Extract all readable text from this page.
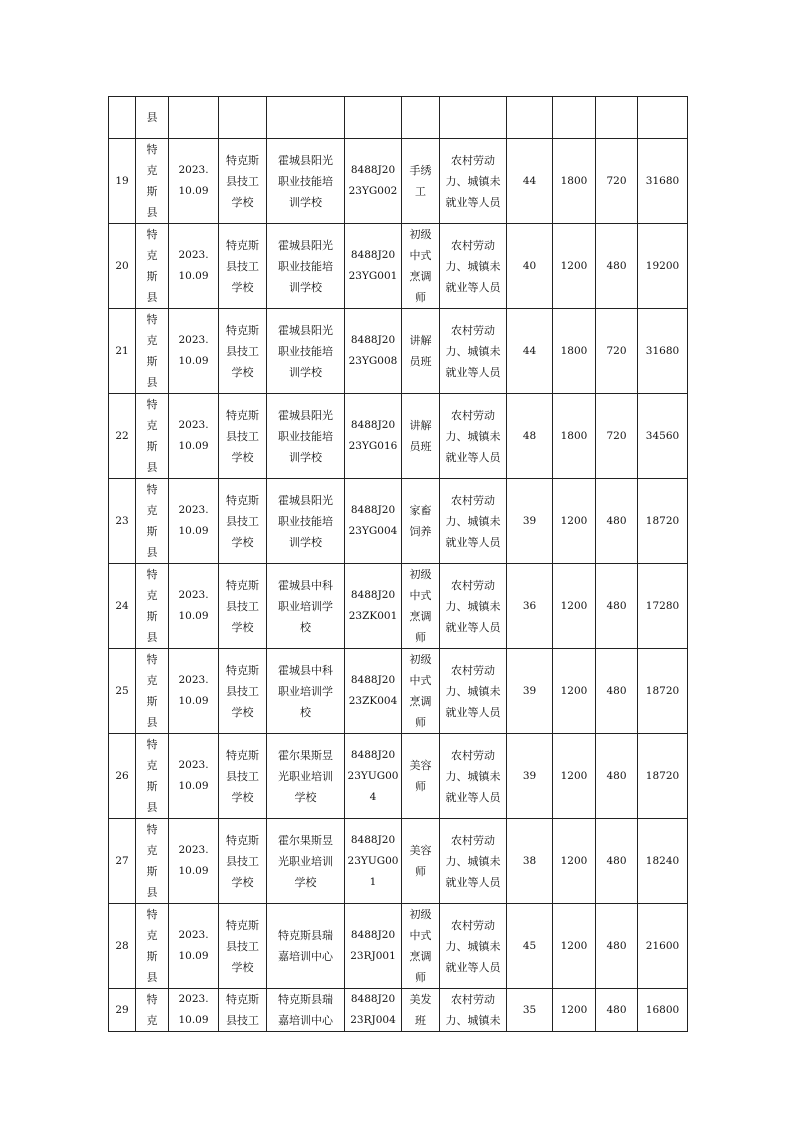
	县										

19	特
克
斯
县	2023.
10.09	特克斯
县技工
学校	霍城县阳光
职业技能培
训学校	8488J20
23YG002	手绣
工	农村劳动
力、城镇未
就业等人员	44	1800	720	31680

20	特
克
斯
县	2023.
10.09	特克斯
县技工
学校	霍城县阳光
职业技能培
训学校	8488J20
23YG001	初级
中式
烹调
师	农村劳动
力、城镇未
就业等人员	40	1200	480	19200

21	特
克
斯
县	2023.
10.09	特克斯
县技工
学校	霍城县阳光
职业技能培
训学校	8488J20
23YG008	讲解
员班	农村劳动
力、城镇未
就业等人员	44	1800	720	31680

22	特
克
斯
县	2023.
10.09	特克斯
县技工
学校	霍城县阳光
职业技能培
训学校	8488J20
23YG016	讲解
员班	农村劳动
力、城镇未
就业等人员	48	1800	720	34560

23	特
克
斯
县	2023.
10.09	特克斯
县技工
学校	霍城县阳光
职业技能培
训学校	8488J20
23YG004	家畜
饲养	农村劳动
力、城镇未
就业等人员	39	1200	480	18720

24	特
克
斯
县	2023.
10.09	特克斯
县技工
学校	霍城县中科
职业培训学
校	8488J20
23ZK001	初级
中式
烹调
师	农村劳动
力、城镇未
就业等人员	36	1200	480	17280

25	特
克
斯
县	2023.
10.09	特克斯
县技工
学校	霍城县中科
职业培训学
校	8488J20
23ZK004	初级
中式
烹调
师	农村劳动
力、城镇未
就业等人员	39	1200	480	18720

26	特
克
斯
县	2023.
10.09	特克斯
县技工
学校	霍尔果斯昱
光职业培训
学校	8488J20
23YUG00
4	美容
师	农村劳动
力、城镇未
就业等人员	39	1200	480	18720

27	特
克
斯
县	2023.
10.09	特克斯
县技工
学校	霍尔果斯昱
光职业培训
学校	8488J20
23YUG00
1	美容
师	农村劳动
力、城镇未
就业等人员	38	1200	480	18240

28	特
克
斯
县	2023.
10.09	特克斯
县技工
学校	特克斯县瑞
嘉培训中心	8488J20
23RJ001	初级
中式
烹调
师	农村劳动
力、城镇未
就业等人员	45	1200	480	21600

29	特
克	2023.
10.09	特克斯
县技工	特克斯县瑞
嘉培训中心	8488J20
23RJ004	美发
班	农村劳动
力、城镇未	35	1200	480	16800
